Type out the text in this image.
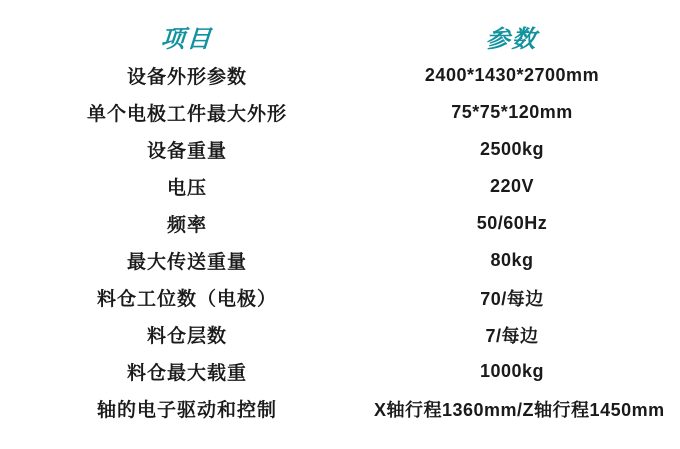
项目	参数
设备外形参数	2400*1430*2700mm
单个电极工件最大外形	75*75*120mm
设备重量	2500kg
电压	220V
频率	50/60Hz
最大传送重量	80kg
料仓工位数（电极）	70/每边
料仓层数	7/每边
料仓最大载重	1000kg
轴的电子驱动和控制	X轴行程1360mm/Z轴行程1450mm
